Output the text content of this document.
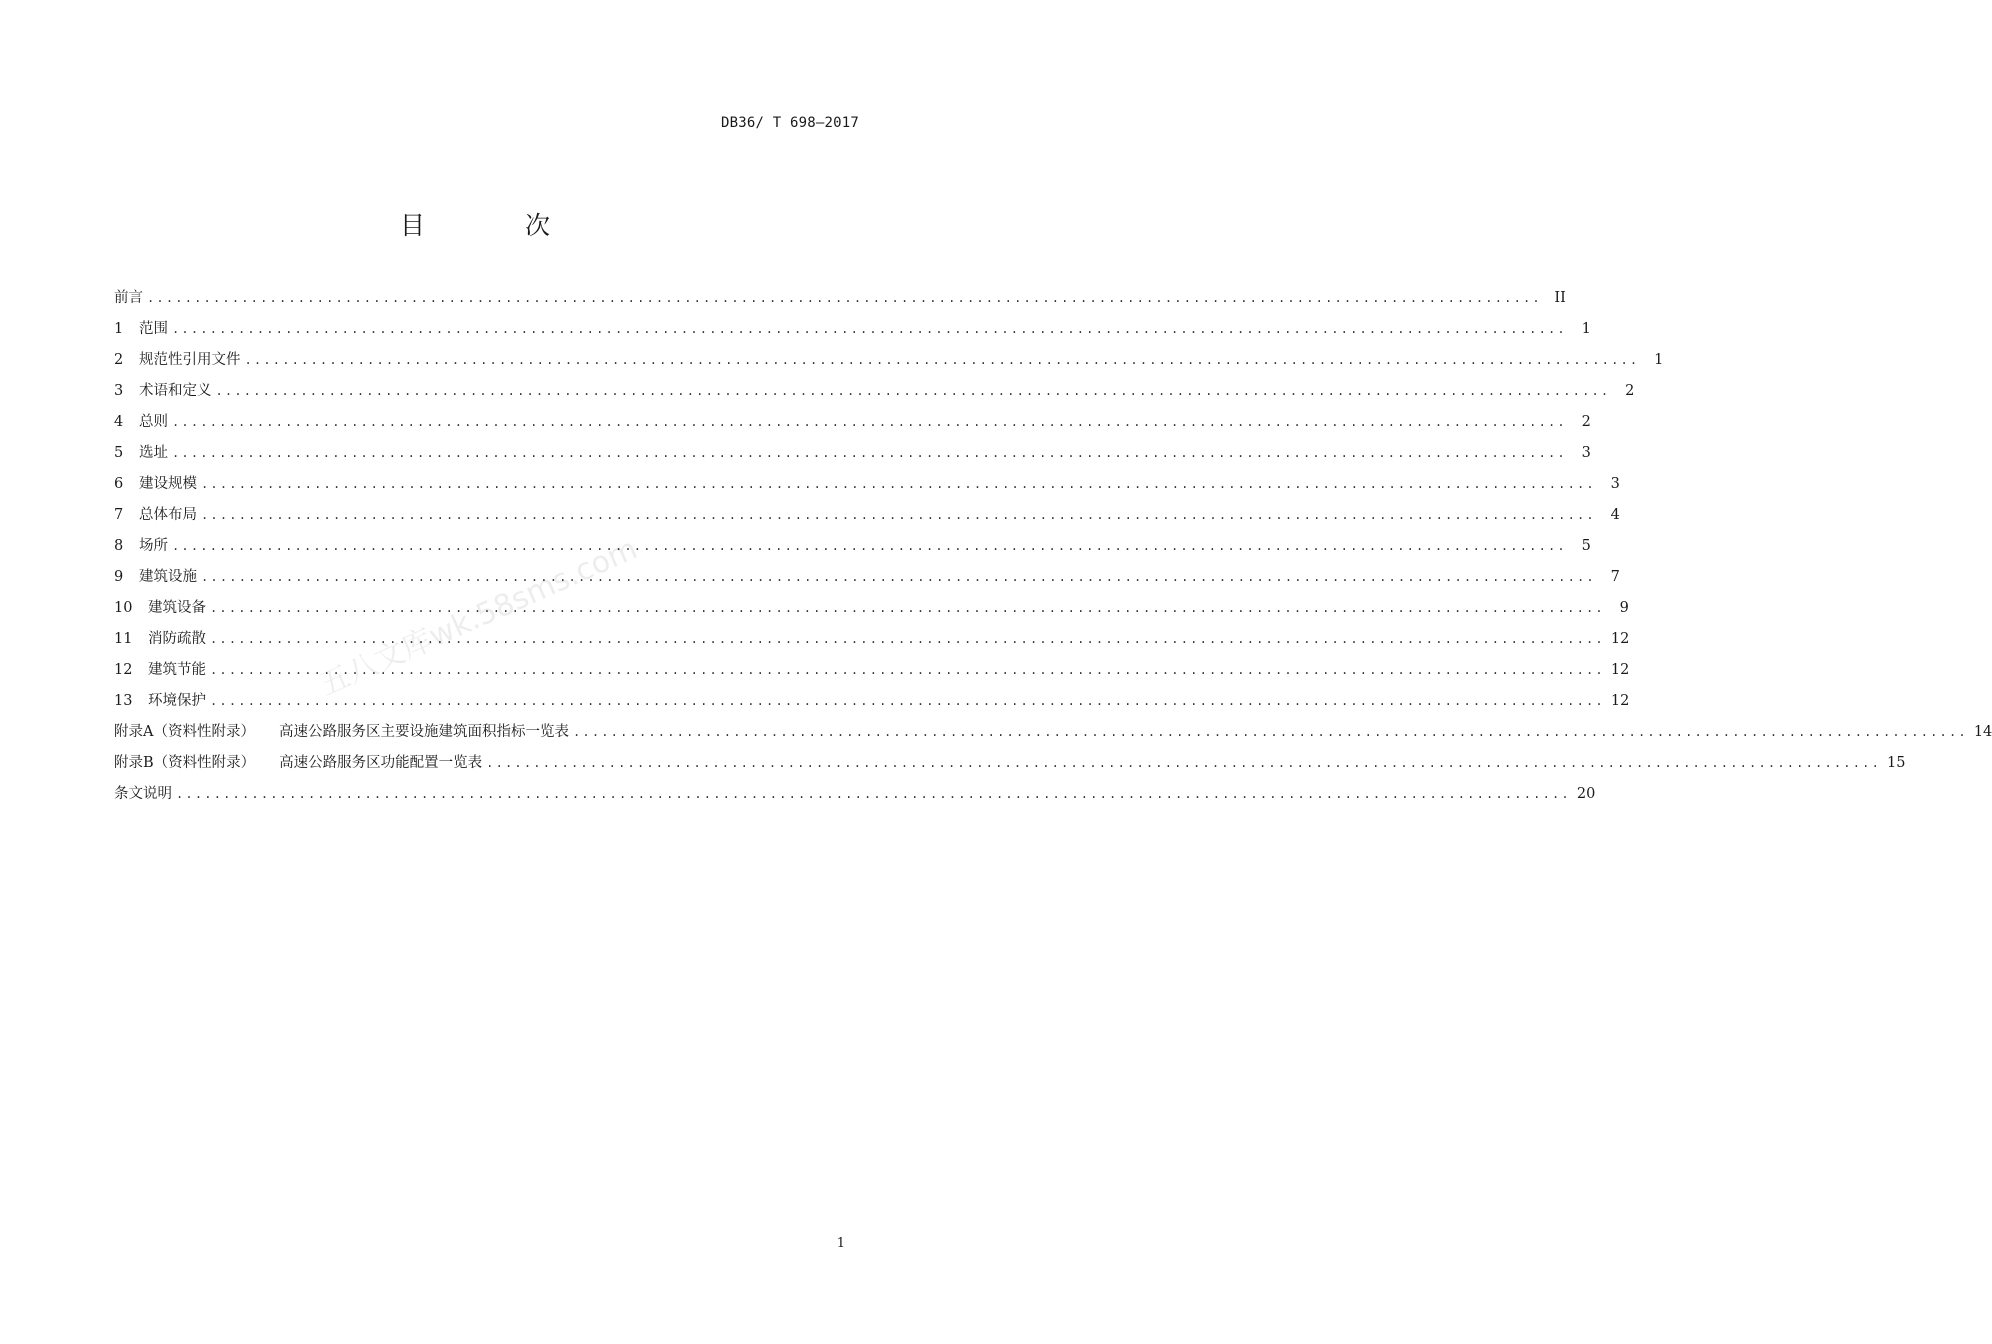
DB36/ T 698—2017
目 次
前言 .................................................................................................................................................... II
1	范围 ....................................................................................................................................................	1
2	规范性引用文件 ....................................................................................................................................................	1
3	术语和定义 ....................................................................................................................................................	2
4	总则 ....................................................................................................................................................	2
5	选址 ....................................................................................................................................................	3
6	建设规模 ....................................................................................................................................................	3
7	总体布局 ....................................................................................................................................................	4
8	场所 ....................................................................................................................................................	5
9	建筑设施 ....................................................................................................................................................	7
10	建筑设备 ....................................................................................................................................................	9
11	消防疏散 .................................................................................................................................................... 12
12	建筑节能 .................................................................................................................................................... 12
13	环境保护 .................................................................................................................................................... 12
附录A（资料性附录） 高速公路服务区主要设施建筑面积指标一览表 .................................................................................................................................................... 14
附录B（资料性附录） 高速公路服务区功能配置一览表 .................................................................................................................................................... 15
条文说明 .................................................................................................................................................... 20
五八文库wk.58sms.com
1
